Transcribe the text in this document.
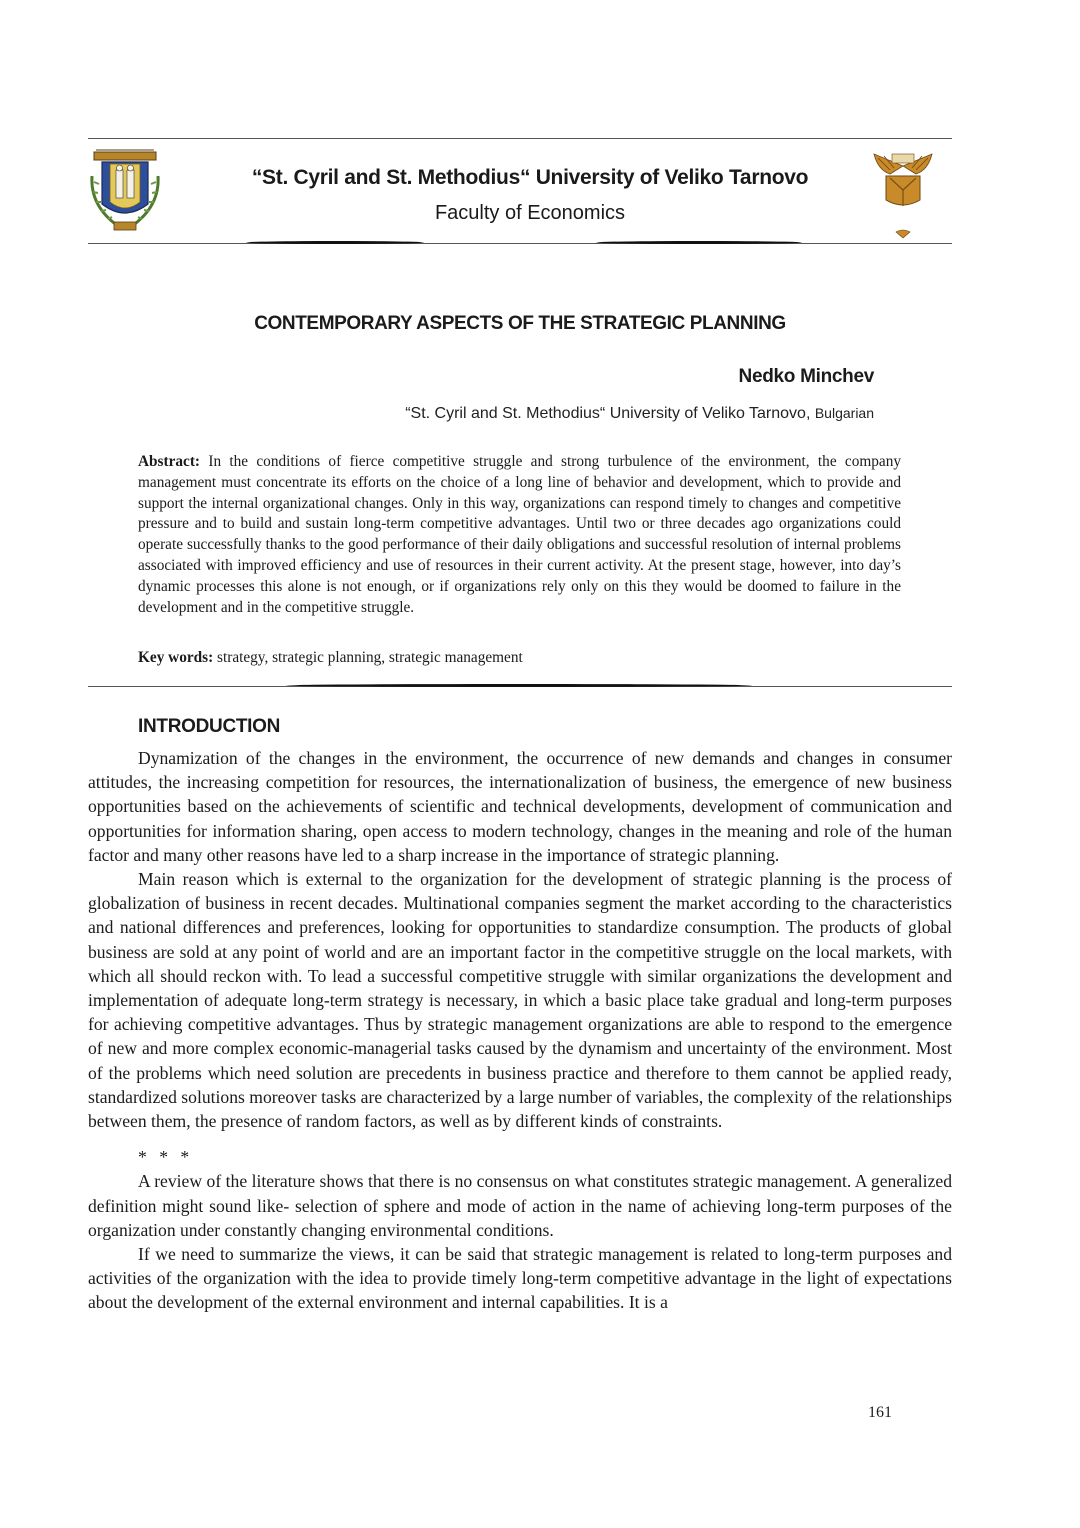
“St. Cyril and St. Methodius“ University of Veliko Tarnovo
Faculty of Economics
CONTEMPORARY ASPECTS OF THE STRATEGIC PLANNING
Nedko Minchev
“St. Cyril and St. Methodius“ University of Veliko Tarnovo, Bulgarian
Abstract: In the conditions of fierce competitive struggle and strong turbulence of the environment, the company management must concentrate its efforts on the choice of a long line of behavior and development, which to provide and support the internal organizational changes. Only in this way, organizations can respond timely to changes and competitive pressure and to build and sustain long-term competitive advantages. Until two or three decades ago organizations could operate successfully thanks to the good performance of their daily obligations and successful resolution of internal problems associated with improved efficiency and use of resources in their current activity. At the present stage, however, into day’s dynamic processes this alone is not enough, or if organizations rely only on this they would be doomed to failure in the development and in the competitive struggle.
Key words: strategy, strategic planning, strategic management
INTRODUCTION

Dynamization of the changes in the environment, the occurrence of new demands and changes in consumer attitudes, the increasing competition for resources, the internationalization of business, the emergence of new business opportunities based on the achievements of scientific and technical developments, development of communication and opportunities for information sharing, open access to modern technology, changes in the meaning and role of the human factor and many other reasons have led to a sharp increase in the importance of strategic planning.

Main reason which is external to the organization for the development of strategic planning is the process of globalization of business in recent decades. Multinational companies segment the market according to the characteristics and national differences and preferences, looking for opportunities to standardize consumption. The products of global business are sold at any point of world and are an important factor in the competitive struggle on the local markets, with which all should reckon with. To lead a successful competitive struggle with similar organizations the development and implementation of adequate long-term strategy is necessary, in which a basic place take gradual and long-term purposes for achieving competitive advantages. Thus by strategic management organizations are able to respond to the emergence of new and more complex economic-managerial tasks caused by the dynamism and uncertainty of the environment. Most of the problems which need solution are precedents in business practice and therefore to them cannot be applied ready, standardized solutions moreover tasks are characterized by a large number of variables, the complexity of the relationships between them, the presence of random factors, as well as by different kinds of constraints.

* * *

A review of the literature shows that there is no consensus on what constitutes strategic management. A generalized definition might sound like- selection of sphere and mode of action in the name of achieving long-term purposes of the organization under constantly changing environmental conditions.

If we need to summarize the views, it can be said that strategic management is related to long-term purposes and activities of the organization with the idea to provide timely long-term competitive advantage in the light of expectations about the development of the external environment and internal capabilities. It is a

161
